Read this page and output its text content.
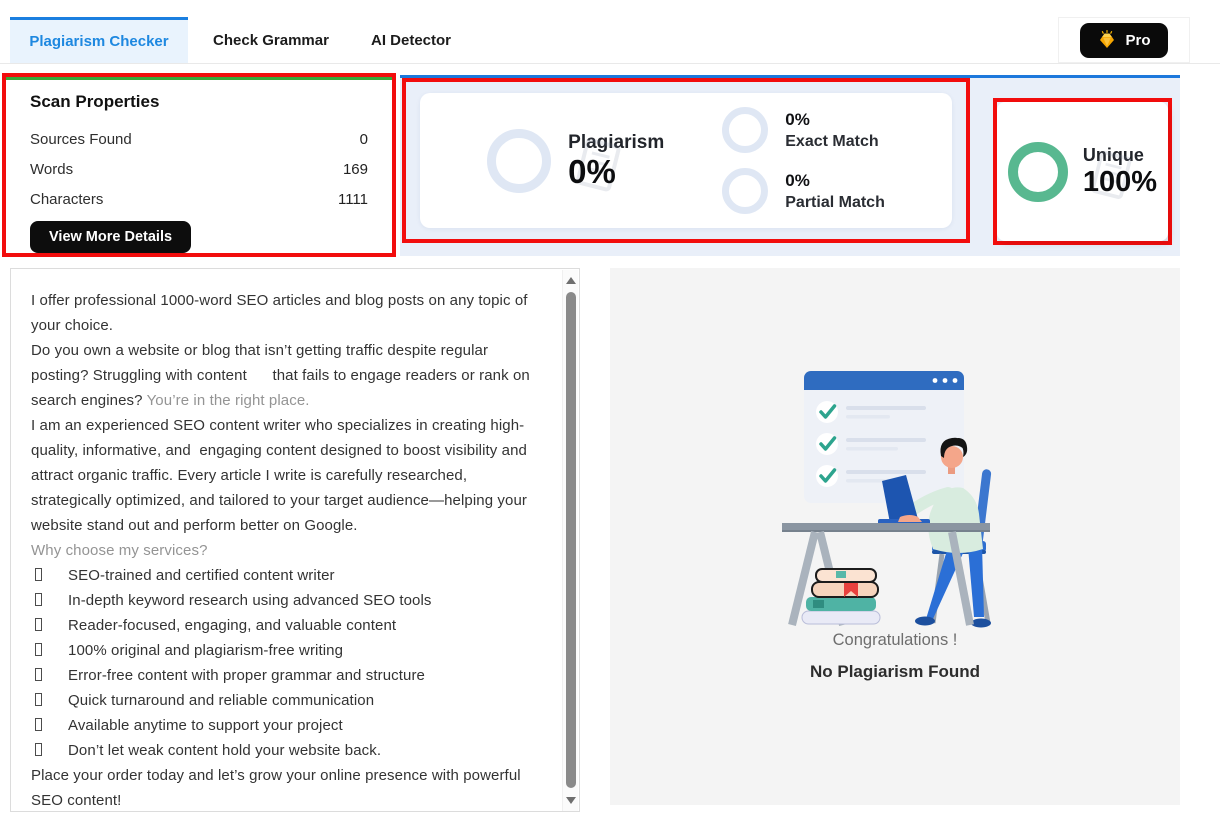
Plagiarism Checker	Check Grammar	AI Detector	Pro
Scan Properties
Sources Found	0
Words	169
Characters	1111
View More Details
Plagiarism
0%
0%
Exact Match
0%
Partial Match
Unique
100%
I offer professional 1000-word SEO articles and blog posts on any topic of your choice.
Do you own a website or blog that isn’t getting traffic despite regular posting? Struggling with content      that fails to engage readers or rank on search engines? You’re in the right place.
I am an experienced SEO content writer who specializes in creating high-quality, informative, and  engaging content designed to boost visibility and attract organic traffic. Every article I write is carefully researched, strategically optimized, and tailored to your target audience—helping your website stand out and perform better on Google.
Why choose my services?
SEO-trained and certified content writer
In-depth keyword research using advanced SEO tools
Reader-focused, engaging, and valuable content
100% original and plagiarism-free writing
Error-free content with proper grammar and structure
Quick turnaround and reliable communication
Available anytime to support your project
Don’t let weak content hold your website back.
Place your order today and let’s grow your online presence with powerful SEO content!
Congratulations !
No Plagiarism Found
